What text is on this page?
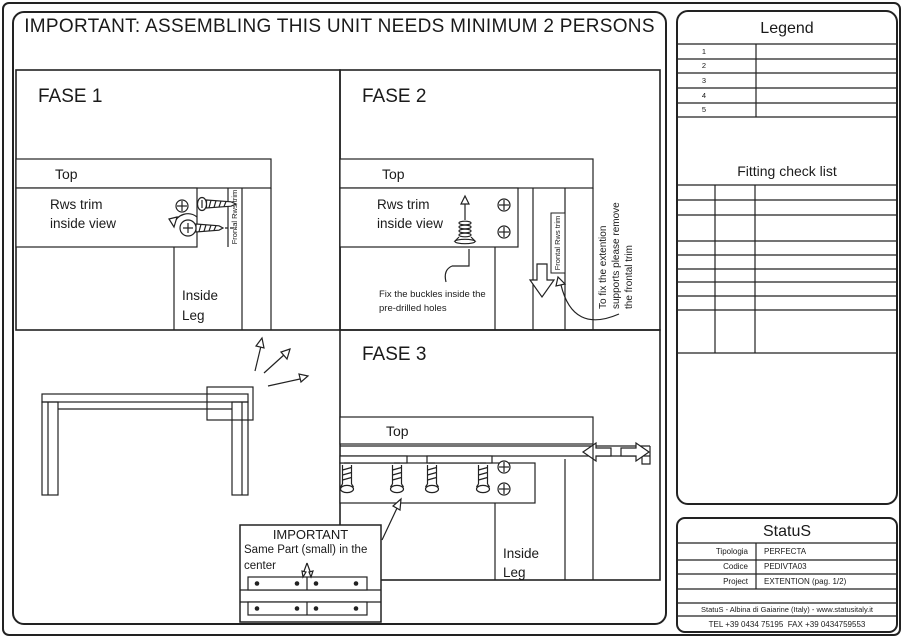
IMPORTANT: ASSEMBLING THIS UNIT NEEDS MINIMUM 2 PERSONS
FASE 1
Top
Rws trim
inside view	Frontal Rws trim
Inside
Leg
FASE 2
Top
Rws trim
inside view	Frontal Rws trim
Fix the buckles inside the
pre-drilled holes	To fix the extention supports please remove the frontal trim
FASE 3
Top
Inside
Leg
IMPORTANT
Same Part (small) in the
center
Legend
1
2
3
4
5
Fitting check list
StatuS
Tipologia PERFECTA
Codice PEDIVTA03
Project EXTENTION (pag. 1/2)
StatuS - Albina di Gaiarine (Italy) - www.statusitaly.it
TEL +39 0434 75195  FAX +39 0434759553
